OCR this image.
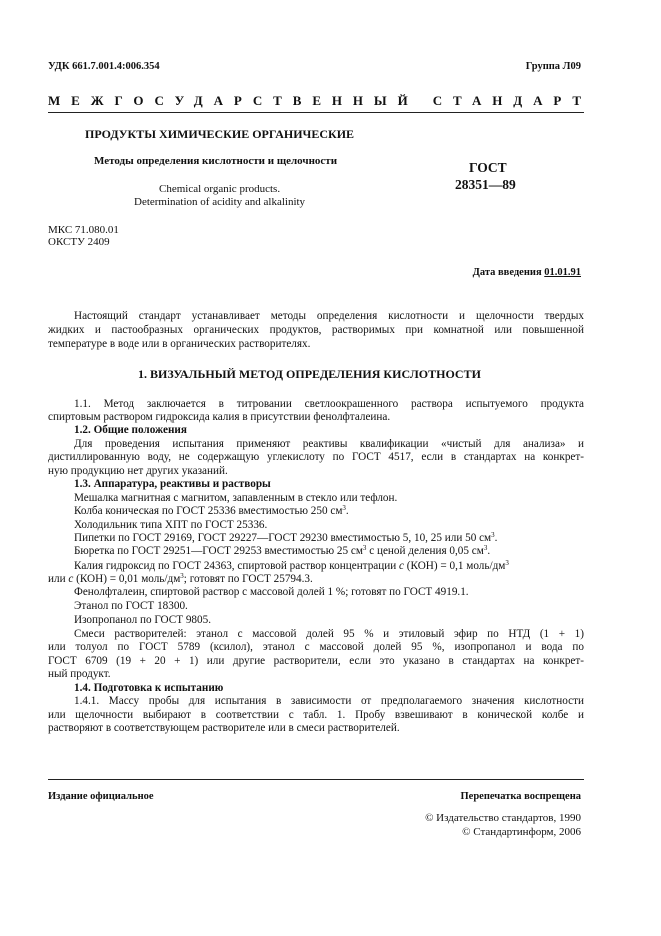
УДК 661.7.001.4:006.354	Группа Л09
МЕЖГОСУДАРСТВЕННЫЙ СТАНДАРТ
ПРОДУКТЫ ХИМИЧЕСКИЕ ОРГАНИЧЕСКИЕ
Методы определения кислотности и щелочности
Chemical organic products.
Determination of acidity and alkalinity
ГОСТ
28351—89
МКС 71.080.01
ОКСТУ 2409
Дата введения 01.01.91
Настоящий стандарт устанавливает методы определения кислотности и щелочности твердых
жидких и пастообразных органических продуктов, растворимых при комнатной или повышенной
температуре в воде или в органических растворителях.
1. ВИЗУАЛЬНЫЙ МЕТОД ОПРЕДЕЛЕНИЯ КИСЛОТНОСТИ
1.1. Метод заключается в титровании светлоокрашенного раствора испытуемого продукта
спиртовым раствором гидроксида калия в присутствии фенолфталеина.
1.2. Общие положения
Для проведения испытания применяют реактивы квалификации «чистый для анализа» и
дистиллированную воду, не содержащую углекислоту по ГОСТ 4517, если в стандартах на конкрет-
ную продукцию нет других указаний.
1.3. Аппаратура, реактивы и растворы
Мешалка магнитная с магнитом, запавленным в стекло или тефлон.
Колба коническая по ГОСТ 25336 вместимостью 250 $см^3$.
Холодильник типа ХПТ по ГОСТ 25336.
Пипетки по ГОСТ 29169, ГОСТ 29227—ГОСТ 29230 вместимостью 5, 10, 25 или 50 $см^3$.
Бюретка по ГОСТ 29251—ГОСТ 29253 вместимостью 25 $см^3$ с ценой деления 0,05 $см^3$.
Калия гидроксид по ГОСТ 24363, спиртовой раствор концентрации c (КОН) = 0,1 моль/$дм^3$
или c (КОН) = 0,01 моль/$дм^3$; готовят по ГОСТ 25794.3.
Фенолфталеин, спиртовой раствор с массовой долей 1 %; готовят по ГОСТ 4919.1.
Этанол по ГОСТ 18300.
Изопропанол по ГОСТ 9805.
Смеси растворителей: этанол с массовой долей 95 % и этиловый эфир по НТД (1 + 1)
или толуол по ГОСТ 5789 (ксилол), этанол с массовой долей 95 %, изопропанол и вода по
ГОСТ 6709 (19 + 20 + 1) или другие растворители, если это указано в стандартах на конкрет-
ный продукт.
1.4. Подготовка к испытанию
1.4.1. Массу пробы для испытания в зависимости от предполагаемого значения кислотности
или щелочности выбирают в соответствии с табл. 1. Пробу взвешивают в конической колбе и
растворяют в соответствующем растворителе или в смеси растворителей.
Издание официальное	Перепечатка воспрещена
© Издательство стандартов, 1990
© Стандартинформ, 2006
